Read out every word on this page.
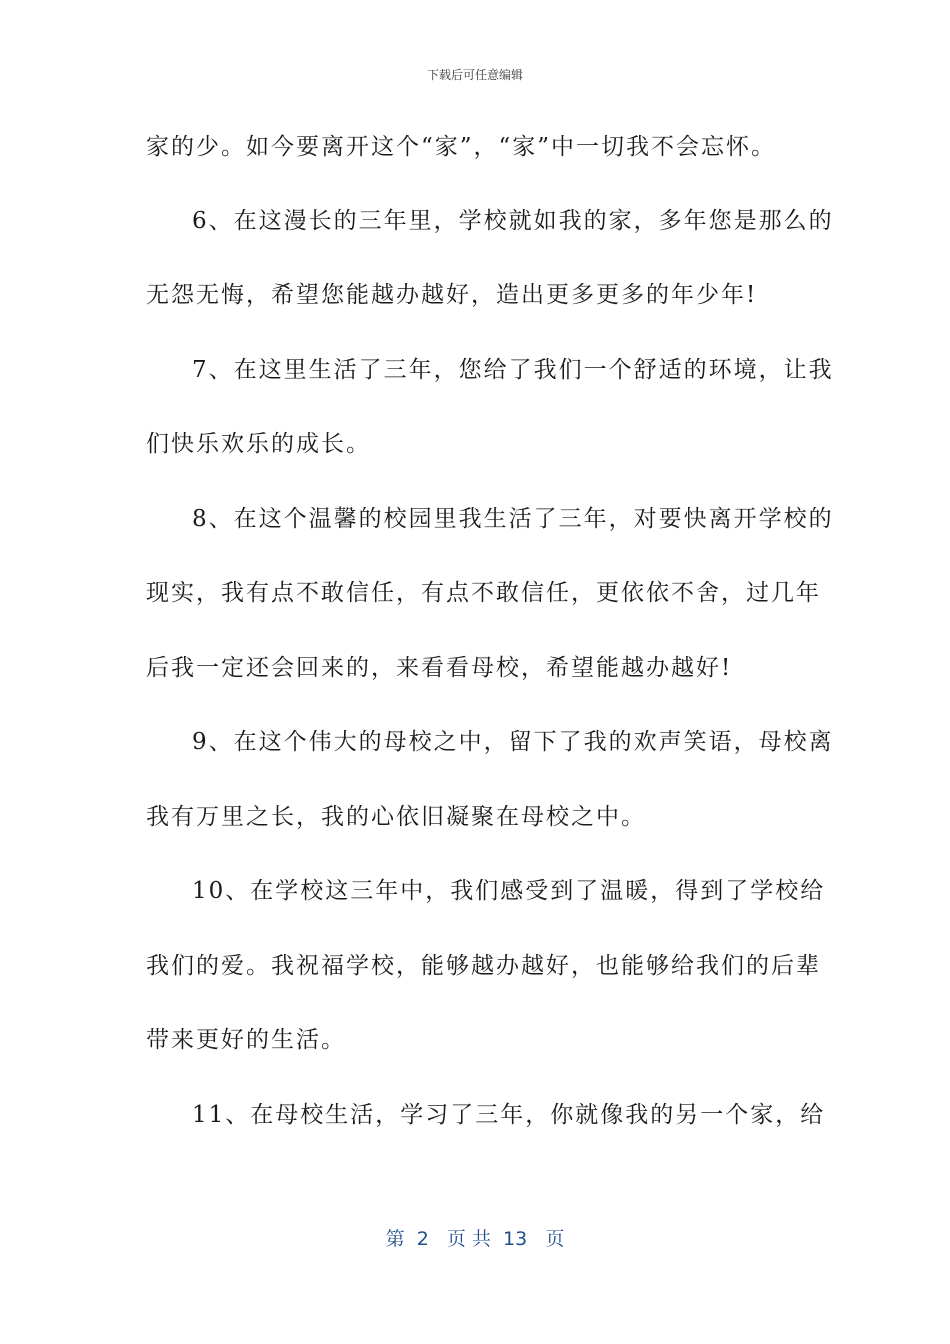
下载后可任意编辑
家的少。如今要离开这个“家”，“家”中一切我不会忘怀。
6、在这漫长的三年里，学校就如我的家，多年您是那么的
无怨无悔，希望您能越办越好，造出更多更多的年少年!
7、在这里生活了三年，您给了我们一个舒适的环境，让我
们快乐欢乐的成长。
8、在这个温馨的校园里我生活了三年，对要快离开学校的
现实，我有点不敢信任，有点不敢信任，更依依不舍，过几年
后我一定还会回来的，来看看母校，希望能越办越好!
9、在这个伟大的母校之中，留下了我的欢声笑语，母校离
我有万里之长，我的心依旧凝聚在母校之中。
10、在学校这三年中，我们感受到了温暖，得到了学校给
我们的爱。我祝福学校，能够越办越好，也能够给我们的后辈
带来更好的生活。
11、在母校生活，学习了三年，你就像我的另一个家，给
第  2   页 共  13   页
